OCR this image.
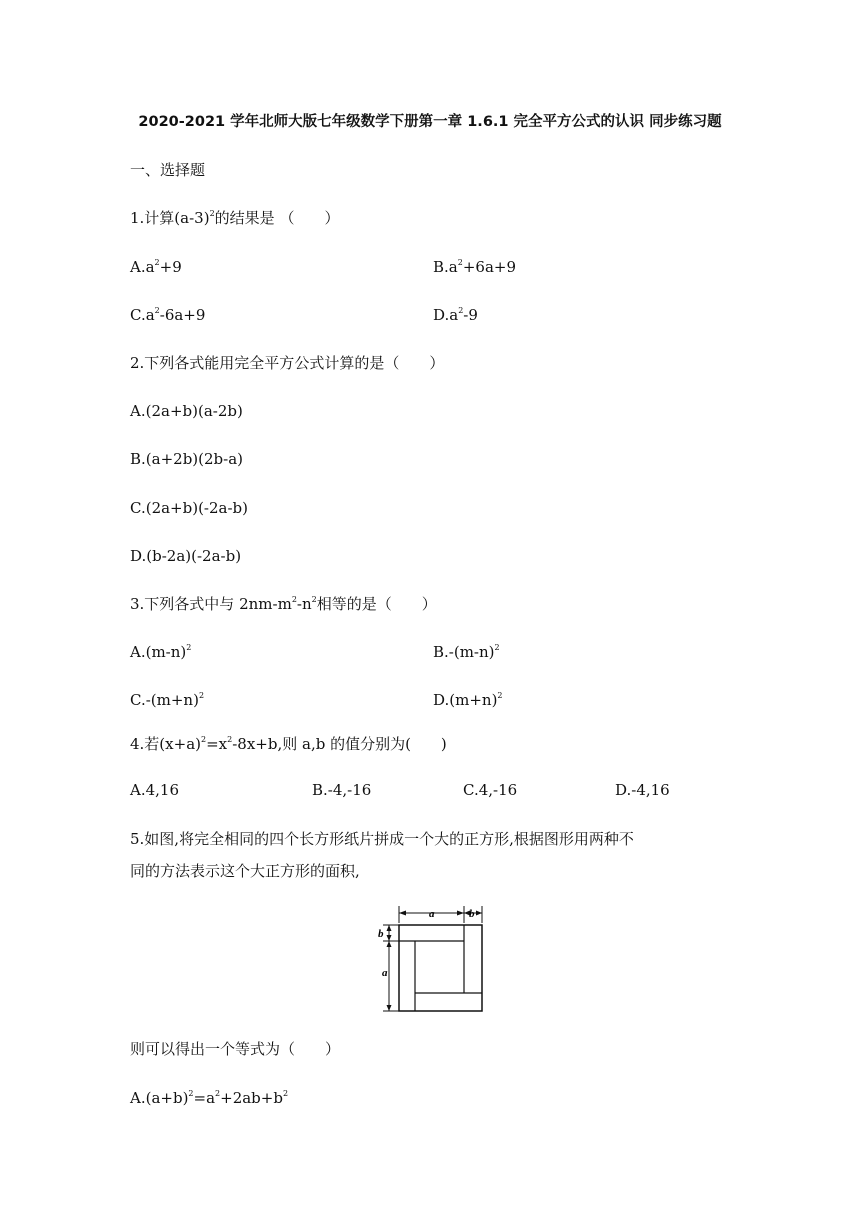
2020-2021 学年北师大版七年级数学下册第一章 1.6.1 完全平方公式的认识 同步练习题
一、选择题
1.计算$(a-3)^2$的结果是 （　　）
$A.a^2+9$	$B.a^2+6a+9$
$C.a^2-6a+9$	$D.a^2-9$
2.下列各式能用完全平方公式计算的是（　　）
A.(2a+b)(a-2b)
B.(a+2b)(2b-a)
C.(2a+b)(-2a-b)
D.(b-2a)(-2a-b)
3.下列各式中与 $2nm-m^2-n^2$相等的是（　　）
$A.(m-n)^2$	$B.-(m-n)^2$
$C.-(m+n)^2$	$D.(m+n)^2$
4.若$(x+a)^2=x^2-8x+b$,则 a,b 的值分别为(　　)
A.4,16	B.-4,-16	C.4,-16	D.-4,16
5.如图,将完全相同的四个长方形纸片拼成一个大的正方形,根据图形用两种不
同的方法表示这个大正方形的面积,
a	b
b
a
则可以得出一个等式为（　　）
$A.(a+b)^2=a^2+2ab+b^2$
